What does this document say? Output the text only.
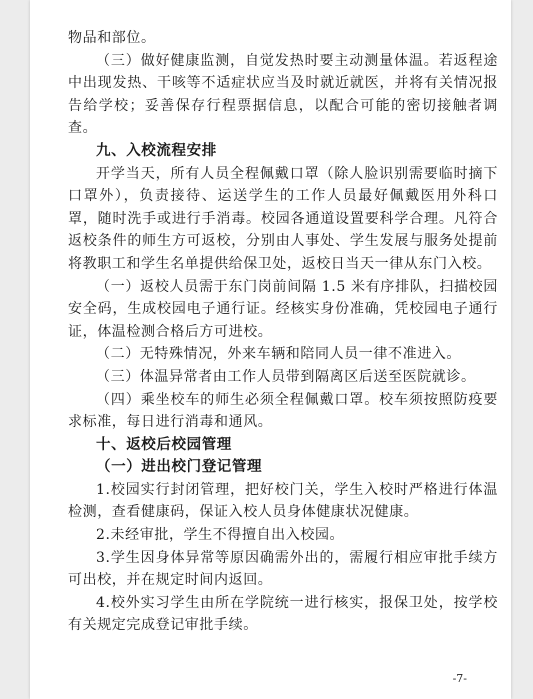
物品和部位。

（三）做好健康监测，自觉发热时要主动测量体温。若返程途中出现发热、干咳等不适症状应当及时就近就医，并将有关情况报告给学校；妥善保存行程票据信息，以配合可能的密切接触者调查。

九、入校流程安排

开学当天，所有人员全程佩戴口罩（除人脸识别需要临时摘下口罩外），负责接待、运送学生的工作人员最好佩戴医用外科口罩，随时洗手或进行手消毒。校园各通道设置要科学合理。凡符合返校条件的师生方可返校，分别由人事处、学生发展与服务处提前将教职工和学生名单提供给保卫处，返校日当天一律从东门入校。

（一）返校人员需于东门岗前间隔 1.5 米有序排队，扫描校园安全码，生成校园电子通行证。经核实身份准确，凭校园电子通行证，体温检测合格后方可进校。

（二）无特殊情况，外来车辆和陪同人员一律不准进入。

（三）体温异常者由工作人员带到隔离区后送至医院就诊。

（四）乘坐校车的师生必须全程佩戴口罩。校车须按照防疫要求标准，每日进行消毒和通风。

十、返校后校园管理

（一）进出校门登记管理

1.校园实行封闭管理，把好校门关，学生入校时严格进行体温检测，查看健康码，保证入校人员身体健康状况健康。

2.未经审批，学生不得擅自出入校园。

3.学生因身体异常等原因确需外出的，需履行相应审批手续方可出校，并在规定时间内返回。

4.校外实习学生由所在学院统一进行核实，报保卫处，按学校有关规定完成登记审批手续。

-7-
